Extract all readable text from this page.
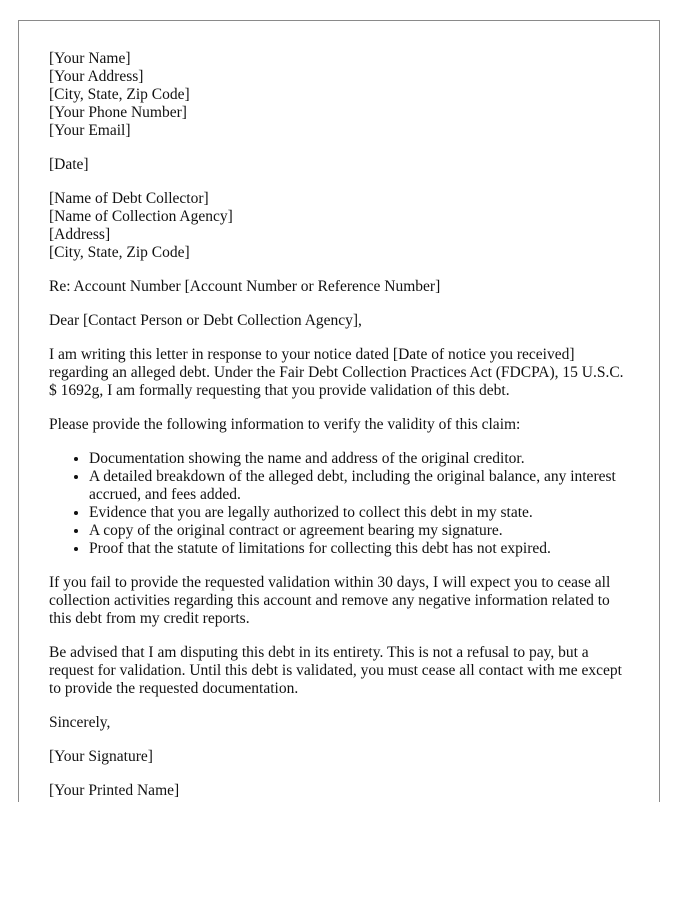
[Your Name]
[Your Address]
[City, State, Zip Code]
[Your Phone Number]
[Your Email]

[Date]

[Name of Debt Collector]
[Name of Collection Agency]
[Address]
[City, State, Zip Code]

Re: Account Number [Account Number or Reference Number]

Dear [Contact Person or Debt Collection Agency],

I am writing this letter in response to your notice dated [Date of notice you received] regarding an alleged debt. Under the Fair Debt Collection Practices Act (FDCPA), 15 U.S.C. $ 1692g, I am formally requesting that you provide validation of this debt.

Please provide the following information to verify the validity of this claim:

• Documentation showing the name and address of the original creditor.
• A detailed breakdown of the alleged debt, including the original balance, any interest accrued, and fees added.
• Evidence that you are legally authorized to collect this debt in my state.
• A copy of the original contract or agreement bearing my signature.
• Proof that the statute of limitations for collecting this debt has not expired.

If you fail to provide the requested validation within 30 days, I will expect you to cease all collection activities regarding this account and remove any negative information related to this debt from my credit reports.

Be advised that I am disputing this debt in its entirety. This is not a refusal to pay, but a request for validation. Until this debt is validated, you must cease all contact with me except to provide the requested documentation.

Sincerely,

[Your Signature]

[Your Printed Name]
